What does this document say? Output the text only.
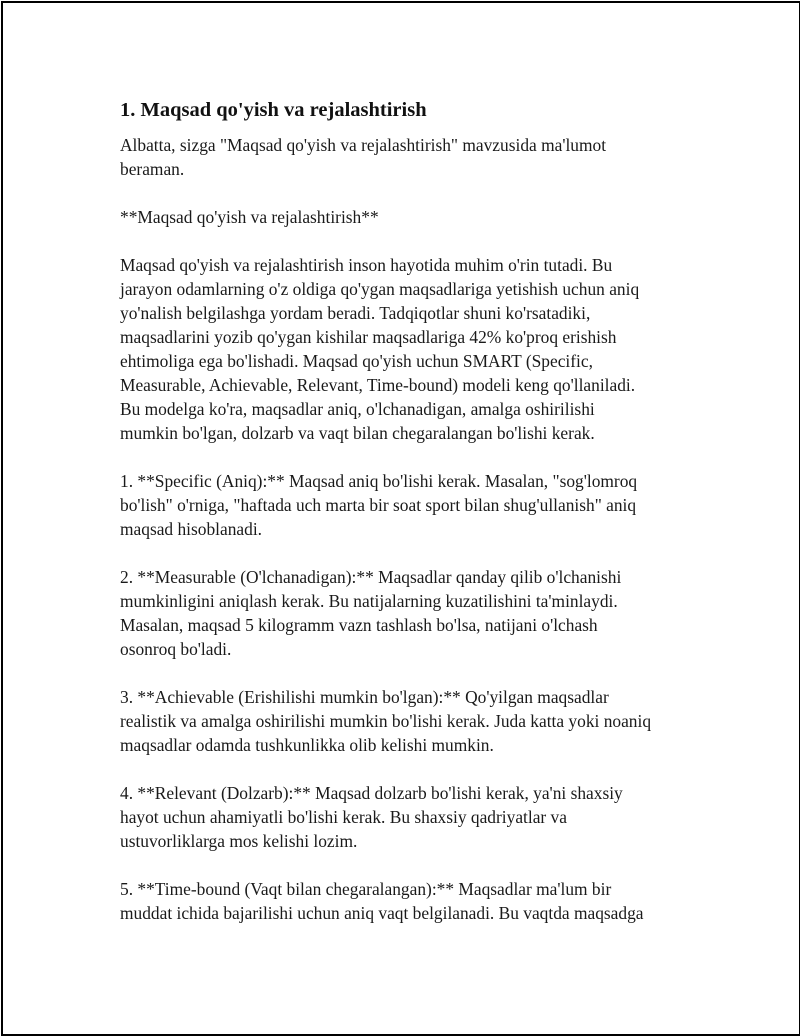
1. Maqsad qo'yish va rejalashtirish
Albatta, sizga "Maqsad qo'yish va rejalashtirish" mavzusida ma'lumot
beraman.
**Maqsad qo'yish va rejalashtirish**
Maqsad qo'yish va rejalashtirish inson hayotida muhim o'rin tutadi. Bu
jarayon odamlarning o'z oldiga qo'ygan maqsadlariga yetishish uchun aniq
yo'nalish belgilashga yordam beradi. Tadqiqotlar shuni ko'rsatadiki,
maqsadlarini yozib qo'ygan kishilar maqsadlariga 42% ko'proq erishish
ehtimoliga ega bo'lishadi. Maqsad qo'yish uchun SMART (Specific,
Measurable, Achievable, Relevant, Time-bound) modeli keng qo'llaniladi.
Bu modelga ko'ra, maqsadlar aniq, o'lchanadigan, amalga oshirilishi
mumkin bo'lgan, dolzarb va vaqt bilan chegaralangan bo'lishi kerak.
1. **Specific (Aniq):** Maqsad aniq bo'lishi kerak. Masalan, "sog'lomroq
bo'lish" o'rniga, "haftada uch marta bir soat sport bilan shug'ullanish" aniq
maqsad hisoblanadi.
2. **Measurable (O'lchanadigan):** Maqsadlar qanday qilib o'lchanishi
mumkinligini aniqlash kerak. Bu natijalarning kuzatilishini ta'minlaydi.
Masalan, maqsad 5 kilogramm vazn tashlash bo'lsa, natijani o'lchash
osonroq bo'ladi.
3. **Achievable (Erishilishi mumkin bo'lgan):** Qo'yilgan maqsadlar
realistik va amalga oshirilishi mumkin bo'lishi kerak. Juda katta yoki noaniq
maqsadlar odamda tushkunlikka olib kelishi mumkin.
4. **Relevant (Dolzarb):** Maqsad dolzarb bo'lishi kerak, ya'ni shaxsiy
hayot uchun ahamiyatli bo'lishi kerak. Bu shaxsiy qadriyatlar va
ustuvorliklarga mos kelishi lozim.
5. **Time-bound (Vaqt bilan chegaralangan):** Maqsadlar ma'lum bir
muddat ichida bajarilishi uchun aniq vaqt belgilanadi. Bu vaqtda maqsadga
